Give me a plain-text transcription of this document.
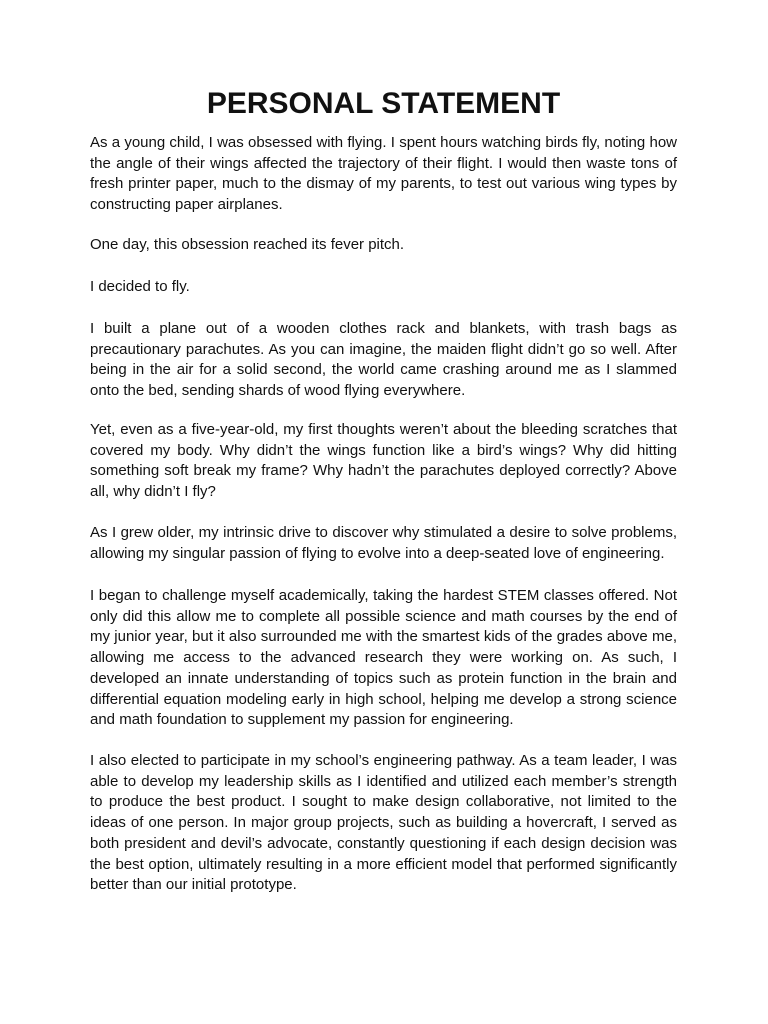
PERSONAL STATEMENT

As a young child, I was obsessed with flying. I spent hours watching birds fly, noting how the angle of their wings affected the trajectory of their flight. I would then waste tons of fresh printer paper, much to the dismay of my parents, to test out various wing types by constructing paper airplanes.

One day, this obsession reached its fever pitch.

I decided to fly.

I built a plane out of a wooden clothes rack and blankets, with trash bags as precautionary parachutes. As you can imagine, the maiden flight didn’t go so well. After being in the air for a solid second, the world came crashing around me as I slammed onto the bed, sending shards of wood flying everywhere.

Yet, even as a five-year-old, my first thoughts weren’t about the bleeding scratches that covered my body. Why didn’t the wings function like a bird’s wings? Why did hitting something soft break my frame? Why hadn’t the parachutes deployed correctly? Above all, why didn’t I fly?

As I grew older, my intrinsic drive to discover why stimulated a desire to solve problems, allowing my singular passion of flying to evolve into a deep-seated love of engineering.

I began to challenge myself academically, taking the hardest STEM classes offered. Not only did this allow me to complete all possible science and math courses by the end of my junior year, but it also surrounded me with the smartest kids of the grades above me, allowing me access to the advanced research they were working on. As such, I developed an innate understanding of topics such as protein function in the brain and differential equation modeling early in high school, helping me develop a strong science and math foundation to supplement my passion for engineering.

I also elected to participate in my school’s engineering pathway. As a team leader, I was able to develop my leadership skills as I identified and utilized each member’s strength to produce the best product. I sought to make design collaborative, not limited to the ideas of one person. In major group projects, such as building a hovercraft, I served as both president and devil’s advocate, constantly questioning if each design decision was the best option, ultimately resulting in a more efficient model that performed significantly better than our initial prototype.
